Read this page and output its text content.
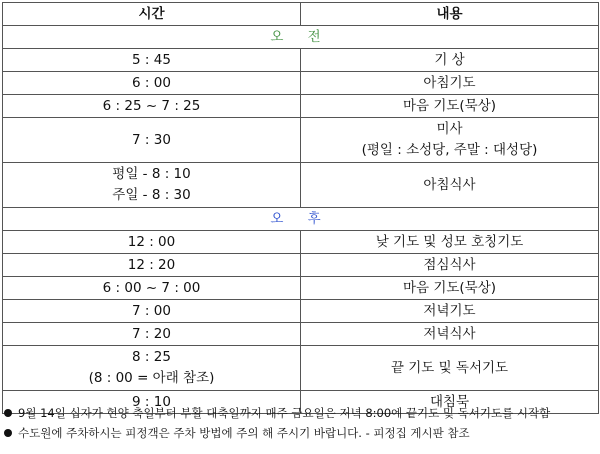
시간	내용
오 전	

5 : 45	기 상

6 : 00	아침기도

6 : 25 ~ 7 : 25	마음 기도(묵상)

7 : 30	미사
(평일 : 소성당, 주말 : 대성당)

평일 - 8 : 10
주일 - 8 : 30	아침식사

오 후	

12 : 00	낮 기도 및 성모 호칭기도

12 : 20	점심식사

6 : 00 ~ 7 : 00	마음 기도(묵상)

7 : 00	저녁기도

7 : 20	저녁식사

8 : 25
(8 : 00 = 아래 참조)	끝 기도 및 독서기도

9 : 10	대침묵
9월 14일 십자가 현양 축일부터 부활 대축일까지 매주 금요일은 저녁 8:00에 끝기도 및 독서기도를 시작함
수도원에 주차하시는 피정객은 주차 방법에 주의 해 주시기 바랍니다. - 피정집 게시판 참조
